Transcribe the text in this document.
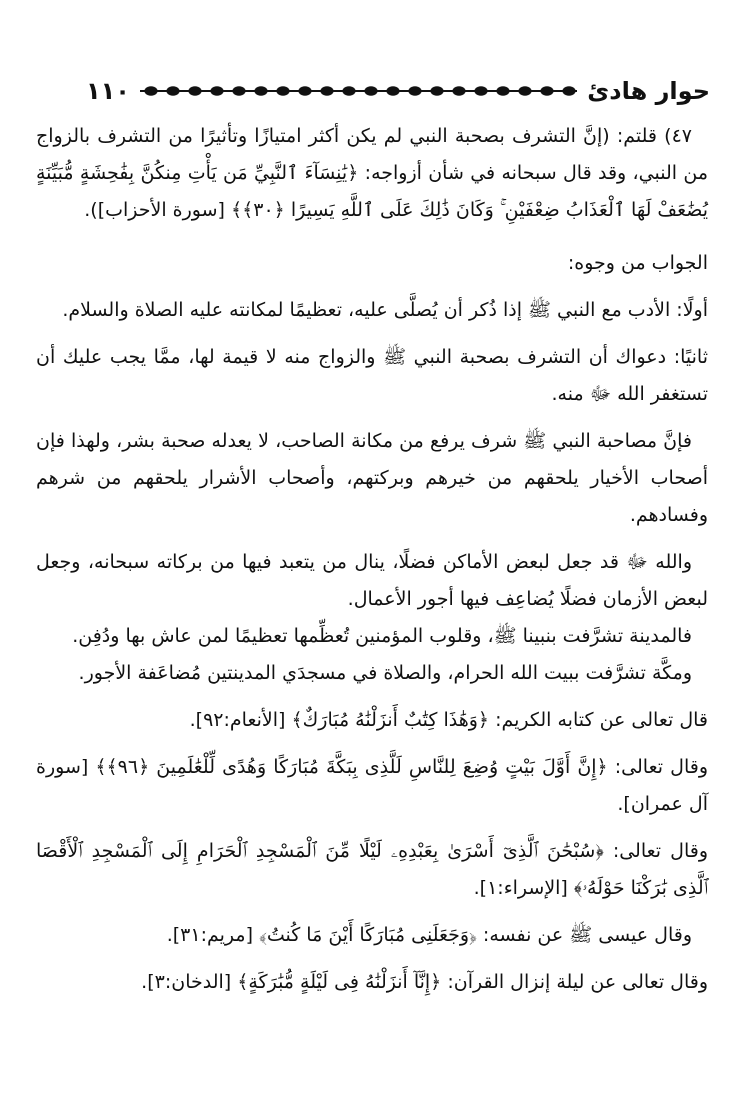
١١٠	حوار هادئ

٤٧) قلتم: (إنَّ التشرف بصحبة النبي لم يكن أكثر امتيازًا وتأثيرًا من التشرف بالزواج من النبي، وقد قال سبحانه في شأن أزواجه: ﴿يَٰنِسَآءَ ٱلنَّبِيِّ مَن يَأْتِ مِنكُنَّ بِفَٰحِشَةٍ مُّبَيِّنَةٍ يُضَٰعَفْ لَهَا ٱلْعَذَابُ ضِعْفَيْنِ ۚ وَكَانَ ذَٰلِكَ عَلَى ٱللَّهِ يَسِيرًا ﴿٣٠﴾﴾ [سورة الأحزاب]).

الجواب من وجوه:

أولًا: الأدب مع النبي ﷺ إذا ذُكر أن يُصلَّى عليه، تعظيمًا لمكانته عليه الصلاة والسلام.

ثانيًا: دعواك أن التشرف بصحبة النبي ﷺ والزواج منه لا قيمة لها، ممَّا يجب عليك أن تستغفر الله ﷻ منه.

فإنَّ مصاحبة النبي ﷺ شرف يرفع من مكانة الصاحب، لا يعدله صحبة بشر، ولهذا فإن أصحاب الأخيار يلحقهم من خيرهم وبركتهم، وأصحاب الأشرار يلحقهم من شرهم وفسادهم.

والله ﷻ قد جعل لبعض الأماكن فضلًا، ينال من يتعبد فيها من بركاته سبحانه، وجعل لبعض الأزمان فضلًا يُضاعِف فيها أجور الأعمال.

فالمدينة تشرَّفت بنبينا ﷺ، وقلوب المؤمنين تُعظِّمها تعظيمًا لمن عاش بها ودُفِن.

ومكَّة تشرَّفت ببيت الله الحرام، والصلاة في مسجدَي المدينتين مُضاعَفة الأجور.

قال تعالى عن كتابه الكريم: ﴿وَهَٰذَا كِتَٰبٌ أَنزَلْنَٰهُ مُبَارَكٌ﴾ [الأنعام:٩٢].

وقال تعالى: ﴿إِنَّ أَوَّلَ بَيْتٍ وُضِعَ لِلنَّاسِ لَلَّذِى بِبَكَّةَ مُبَارَكًا وَهُدًى لِّلْعَٰلَمِينَ ﴿٩٦﴾﴾ [سورة آل عمران].

وقال تعالى: ﴿سُبْحَٰنَ ٱلَّذِىٓ أَسْرَىٰ بِعَبْدِهِۦ لَيْلًا مِّنَ ٱلْمَسْجِدِ ٱلْحَرَامِ إِلَى ٱلْمَسْجِدِ ٱلْأَقْصَا ٱلَّذِى بَٰرَكْنَا حَوْلَهُۥ﴾ [الإسراء:١].

وقال عيسى ﷺ عن نفسه: ﴿وَجَعَلَنِى مُبَارَكًا أَيْنَ مَا كُنتُ﴾ [مريم:٣١].

وقال تعالى عن ليلة إنزال القرآن: ﴿إِنَّآ أَنزَلْنَٰهُ فِى لَيْلَةٍ مُّبَٰرَكَةٍ﴾ [الدخان:٣].
